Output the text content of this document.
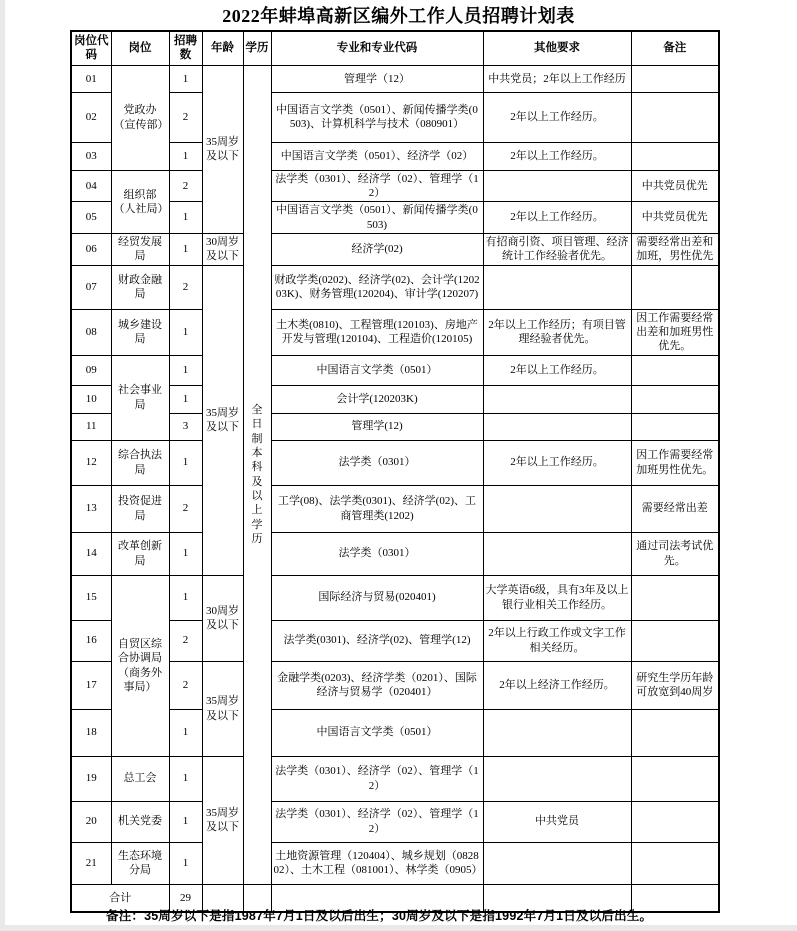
2022年蚌埠高新区编外工作人员招聘计划表
岗位代码	岗位	招聘数	年龄	学历	专业和专业代码	其他要求	备注
01	党政办（宣传部）	1	35周岁及以下	全日制本科及以上学历	管理学（12）	中共党员；2年以上工作经历	
02		2			中国语言文学类（0501）、新闻传播学类(0503)、计算机科学与技术（080901）	2年以上工作经历。	
03		1			中国语言文学类（0501）、经济学（02）	2年以上工作经历。	
04	组织部（人社局）	2			法学类（0301）、经济学（02）、管理学（12）		中共党员优先
05		1			中国语言文学类（0501）、新闻传播学类(0503)	2年以上工作经历。	中共党员优先
06	经贸发展局	1	30周岁及以下		经济学(02)	有招商引资、项目管理、经济统计工作经验者优先。	需要经常出差和加班，男性优先
07	财政金融局	2	35周岁及以下		财政学类(0202)、经济学(02)、会计学(120203K)、财务管理(120204)、审计学(120207)		
08	城乡建设局	1			土木类(0810)、工程管理(120103)、房地产开发与管理(120104)、工程造价(120105)	2年以上工作经历；有项目管理经验者优先。	因工作需要经常出差和加班男性优先。
09	社会事业局	1			中国语言文学类（0501）	2年以上工作经历。	
10		1			会计学(120203K)		
11		3			管理学(12)		
12	综合执法局	1			法学类（0301）	2年以上工作经历。	因工作需要经常加班男性优先。
13	投资促进局	2			工学(08)、法学类(0301)、经济学(02)、工商管理类(1202)		需要经常出差
14	改革创新局	1			法学类（0301）		通过司法考试优先。
15	自贸区综合协调局（商务外事局）	1	30周岁及以下		国际经济与贸易(020401)	大学英语6级，具有3年及以上银行业相关工作经历。	
16		2			法学类(0301)、经济学(02)、管理学(12)	2年以上行政工作或文字工作相关经历。	
17		2	35周岁及以下		金融学类(0203)、经济学类（0201）、国际经济与贸易学（020401）	2年以上经济工作经历。	研究生学历年龄可放宽到40周岁
18		1			中国语言文学类（0501）		
19	总工会	1	35周岁及以下		法学类（0301）、经济学（02）、管理学（12）		
20	机关党委	1			法学类（0301）、经济学（02）、管理学（12）	中共党员	
21	生态环境分局	1			土地资源管理（120404）、城乡规划（082802）、土木工程（081001）、林学类（0905）		
合计		29					

备注：35周岁以下是指1987年7月1日及以后出生；30周岁及以下是指1992年7月1日及以后出生。
